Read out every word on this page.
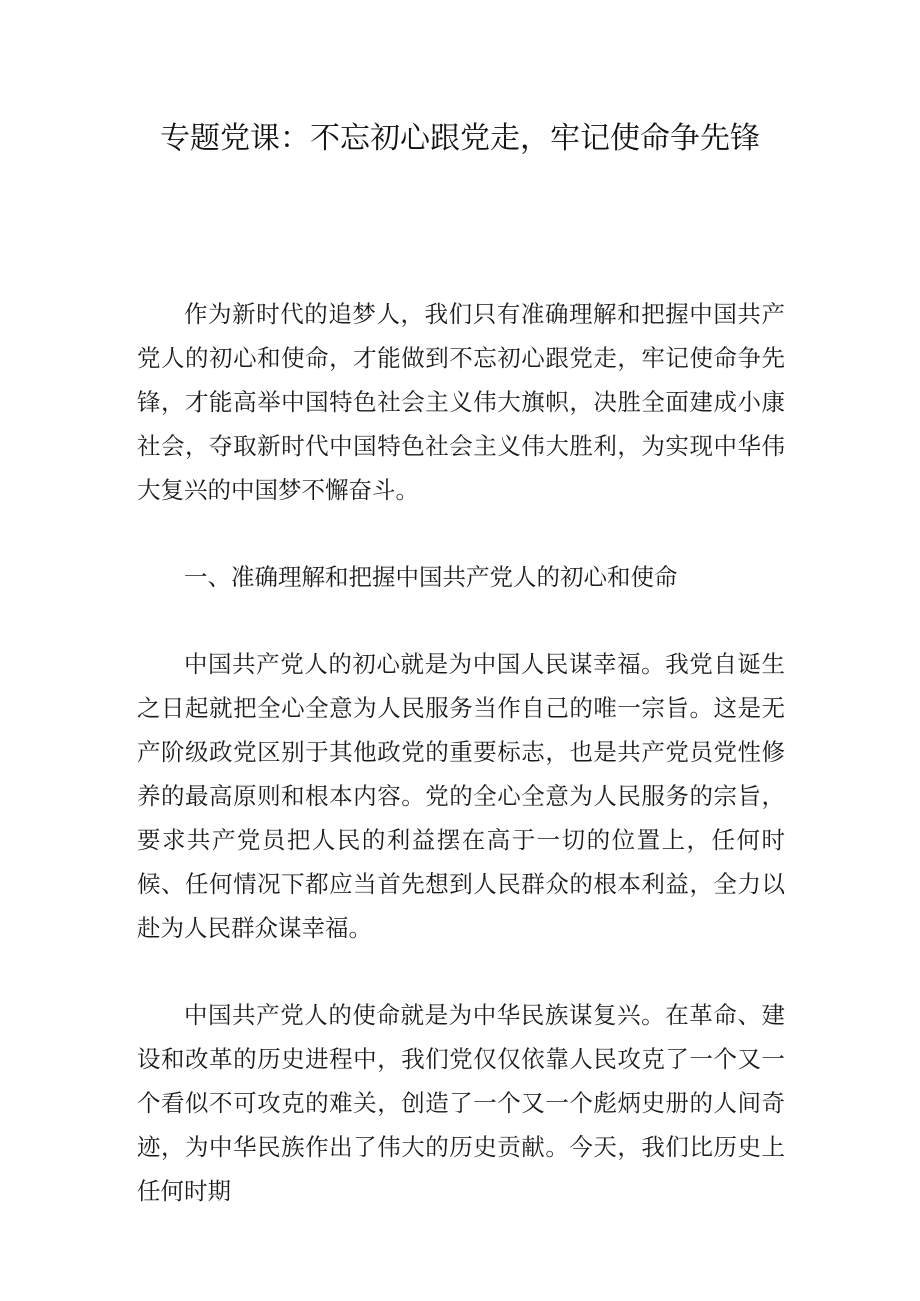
专题党课：不忘初心跟党走，牢记使命争先锋

作为新时代的追梦人，我们只有准确理解和把握中国共产党人的初心和使命，才能做到不忘初心跟党走，牢记使命争先锋，才能高举中国特色社会主义伟大旗帜，决胜全面建成小康社会，夺取新时代中国特色社会主义伟大胜利，为实现中华伟大复兴的中国梦不懈奋斗。

一、准确理解和把握中国共产党人的初心和使命

中国共产党人的初心就是为中国人民谋幸福。我党自诞生之日起就把全心全意为人民服务当作自己的唯一宗旨。这是无产阶级政党区别于其他政党的重要标志，也是共产党员党性修养的最高原则和根本内容。党的全心全意为人民服务的宗旨，要求共产党员把人民的利益摆在高于一切的位置上，任何时候、任何情况下都应当首先想到人民群众的根本利益，全力以赴为人民群众谋幸福。

中国共产党人的使命就是为中华民族谋复兴。在革命、建设和改革的历史进程中，我们党仅仅依靠人民攻克了一个又一个看似不可攻克的难关，创造了一个又一个彪炳史册的人间奇迹，为中华民族作出了伟大的历史贡献。今天，我们比历史上任何时期
